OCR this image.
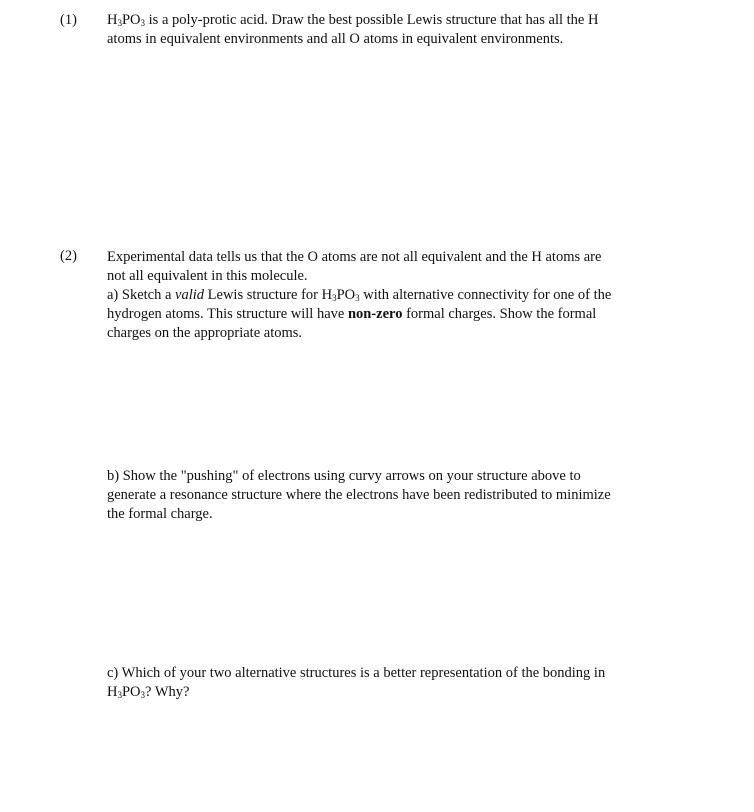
(1) $H_3PO_3$ is a poly-protic acid. Draw the best possible Lewis structure that has all the H
atoms in equivalent environments and all O atoms in equivalent environments.
(2) Experimental data tells us that the O atoms are not all equivalent and the H atoms are
not all equivalent in this molecule.
a) Sketch a valid Lewis structure for $H_3PO_3$ with alternative connectivity for one of the
hydrogen atoms. This structure will have non-zero formal charges. Show the formal
charges on the appropriate atoms.
b) Show the "pushing" of electrons using curvy arrows on your structure above to
generate a resonance structure where the electrons have been redistributed to minimize
the formal charge.
c) Which of your two alternative structures is a better representation of the bonding in
$H_3PO_3$? Why?
